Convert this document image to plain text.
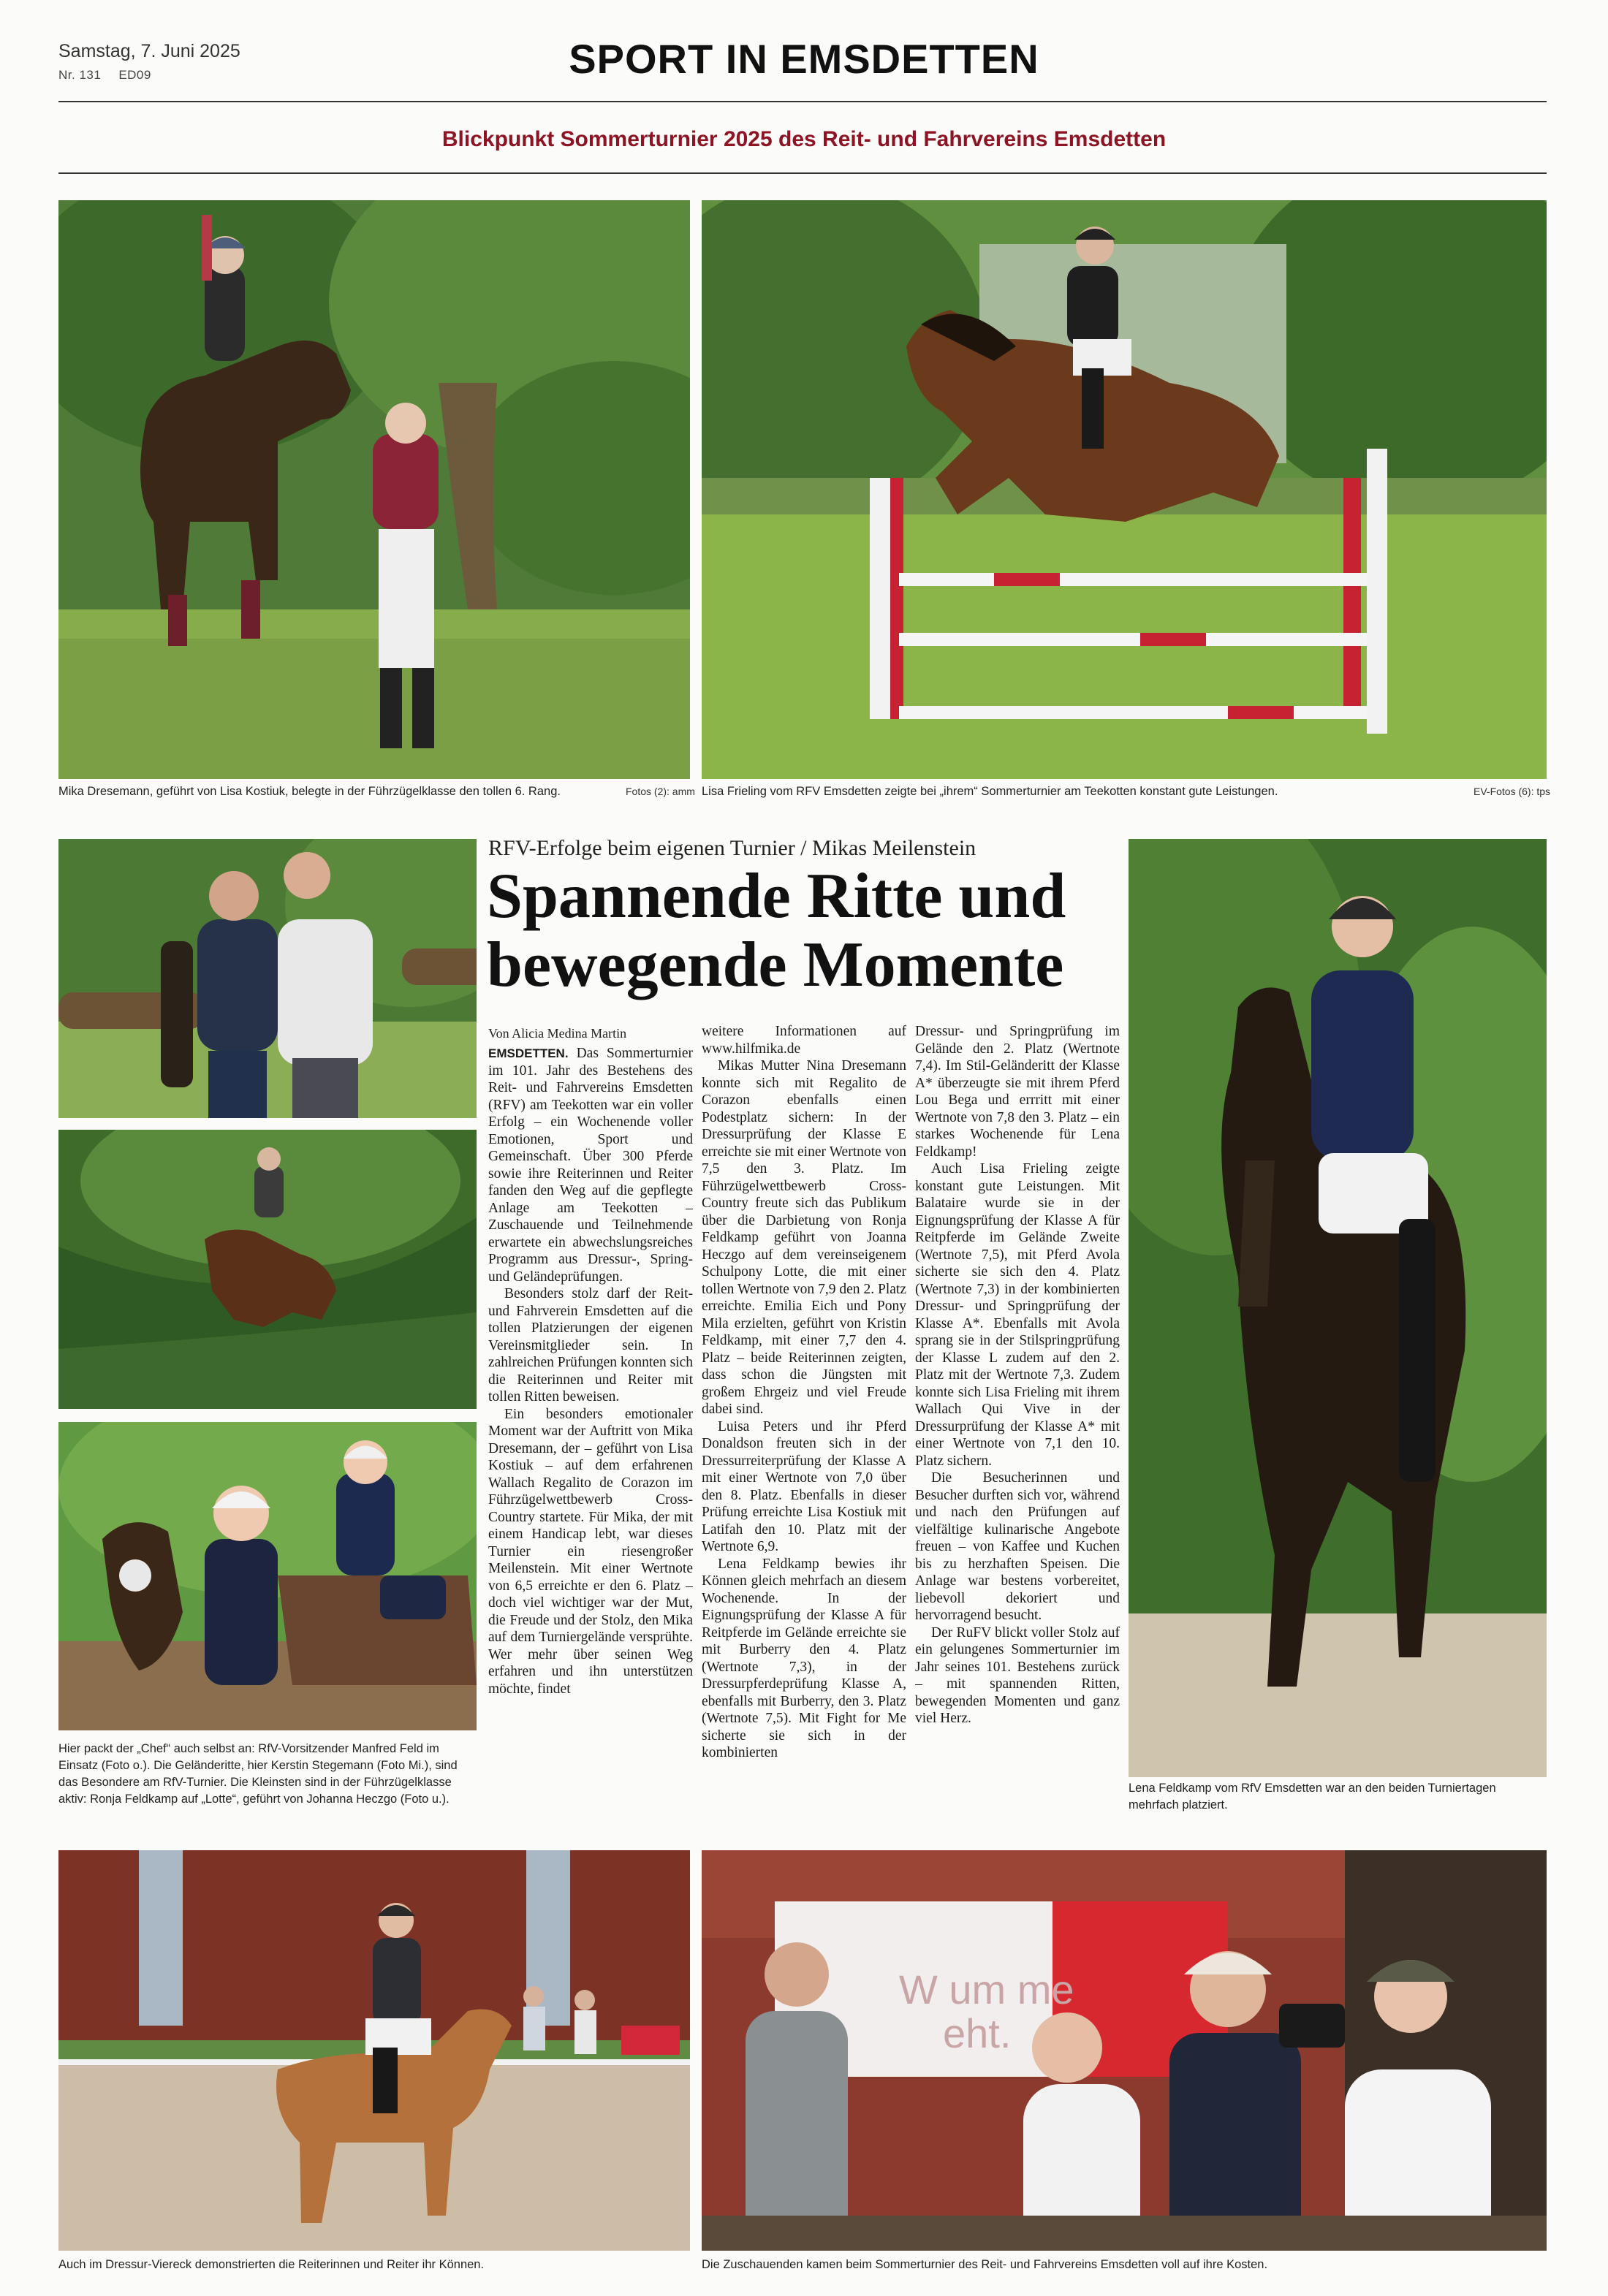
Samstag, 7. Juni 2025
Nr. 131 ED09	SPORT IN EMSDETTEN
Blickpunkt Sommerturnier 2025 des Reit- und Fahrvereins Emsdetten
Mika Dresemann, geführt von Lisa Kostiuk, belegte in der Führzügelklasse den tollen 6. Rang.	Fotos (2): amm Lisa Frieling vom RFV Emsdetten zeigte bei „ihrem“ Sommerturnier am Teekotten konstant gute Leistungen.	EV-Fotos (6): tps
Hier packt der „Chef“ auch selbst an: RfV-Vorsitzender Manfred Feld im Einsatz (Foto o.). Die Geländeritte, hier Kerstin Stegemann (Foto Mi.), sind das Besondere am RfV-Turnier. Die Kleinsten sind in der Führzügelklasse aktiv: Ronja Feldkamp auf „Lotte“, geführt von Johanna Heczgo (Foto u.).
RFV-Erfolge beim eigenen Turnier / Mikas Meilenstein
Spannende Ritte und bewegende Momente
Von Alicia Medina Martin

EMSDETTEN. Das Sommerturnier im 101. Jahr des Bestehens des Reit- und Fahrvereins Emsdetten (RFV) am Teekotten war ein voller Erfolg – ein Wochenende voller Emotionen, Sport und Gemeinschaft. Über 300 Pferde sowie ihre Reiterinnen und Reiter fanden den Weg auf die gepflegte Anlage am Teekotten – Zuschauende und Teilnehmende erwartete ein abwechslungsreiches Programm aus Dressur-, Spring- und Geländeprüfungen.

Besonders stolz darf der Reit- und Fahrverein Emsdetten auf die tollen Platzierungen der eigenen Vereinsmitglieder sein. In zahlreichen Prüfungen konnten sich die Reiterinnen und Reiter mit tollen Ritten beweisen.

Ein besonders emotionaler Moment war der Auftritt von Mika Dresemann, der – geführt von Lisa Kostiuk – auf dem erfahrenen Wallach Regalito de Corazon im Führzügelwettbewerb Cross-Country startete. Für Mika, der mit einem Handicap lebt, war dieses Turnier ein riesengroßer Meilenstein. Mit einer Wertnote von 6,5 erreichte er den 6. Platz – doch viel wichtiger war der Mut, die Freude und der Stolz, den Mika auf dem Turniergelände versprühte. Wer mehr über seinen Weg erfahren und ihn unterstützen möchte, findet

weitere Informationen auf www.hilfmika.de

Mikas Mutter Nina Dresemann konnte sich mit Regalito de Corazon ebenfalls einen Podestplatz sichern: In der Dressurprüfung der Klasse E erreichte sie mit einer Wertnote von 7,5 den 3. Platz. Im Führzügelwettbewerb Cross-Country freute sich das Publikum über die Darbietung von Ronja Feldkamp geführt von Joanna Heczgo auf dem vereinseigenem Schulpony Lotte, die mit einer tollen Wertnote von 7,9 den 2. Platz erreichte. Emilia Eich und Pony Mila erzielten, geführt von Kristin Feldkamp, mit einer 7,7 den 4. Platz – beide Reiterinnen zeigten, dass schon die Jüngsten mit großem Ehrgeiz und viel Freude dabei sind.

Luisa Peters und ihr Pferd Donaldson freuten sich in der Dressurreiterprüfung der Klasse A mit einer Wertnote von 7,0 über den 8. Platz. Ebenfalls in dieser Prüfung erreichte Lisa Kostiuk mit Latifah den 10. Platz mit der Wertnote 6,9.

Lena Feldkamp bewies ihr Können gleich mehrfach an diesem Wochenende. In der Eignungsprüfung der Klasse A für Reitpferde im Gelände erreichte sie mit Burberry den 4. Platz (Wertnote 7,3), in der Dressurpferdeprüfung Klasse A, ebenfalls mit Burberry, den 3. Platz (Wertnote 7,5). Mit Fight for Me sicherte sie sich in der kombinierten

Dressur- und Springprüfung im Gelände den 2. Platz (Wertnote 7,4). Im Stil-Geländeritt der Klasse A* überzeugte sie mit ihrem Pferd Lou Bega und errritt mit einer Wertnote von 7,8 den 3. Platz – ein starkes Wochenende für Lena Feldkamp!

Auch Lisa Frieling zeigte konstant gute Leistungen. Mit Balataire wurde sie in der Eignungsprüfung der Klasse A für Reitpferde im Gelände Zweite (Wertnote 7,5), mit Pferd Avola sicherte sie sich den 4. Platz (Wertnote 7,3) in der kombinierten Dressur- und Springprüfung der Klasse A*. Ebenfalls mit Avola sprang sie in der Stilspringprüfung der Klasse L zudem auf den 2. Platz mit der Wertnote 7,3. Zudem konnte sich Lisa Frieling mit ihrem Wallach Qui Vive in der Dressurprüfung der Klasse A* mit einer Wertnote von 7,1 den 10. Platz sichern.

Die Besucherinnen und Besucher durften sich vor, während und nach den Prüfungen auf vielfältige kulinarische Angebote freuen – von Kaffee und Kuchen bis zu herzhaften Speisen. Die Anlage war bestens vorbereitet, liebevoll dekoriert und hervorragend besucht.

Der RuFV blickt voller Stolz auf ein gelungenes Sommerturnier im Jahr seines 101. Bestehens zurück – mit spannenden Ritten, bewegenden Momenten und ganz viel Herz.

Lena Feldkamp vom RfV Emsdetten war an den beiden Turniertagen mehrfach platziert.
Auch im Dressur-Viereck demonstrierten die Reiterinnen und Reiter ihr Können.
W um me
eht.
Die Zuschauenden kamen beim Sommerturnier des Reit- und Fahrvereins Emsdetten voll auf ihre Kosten.
